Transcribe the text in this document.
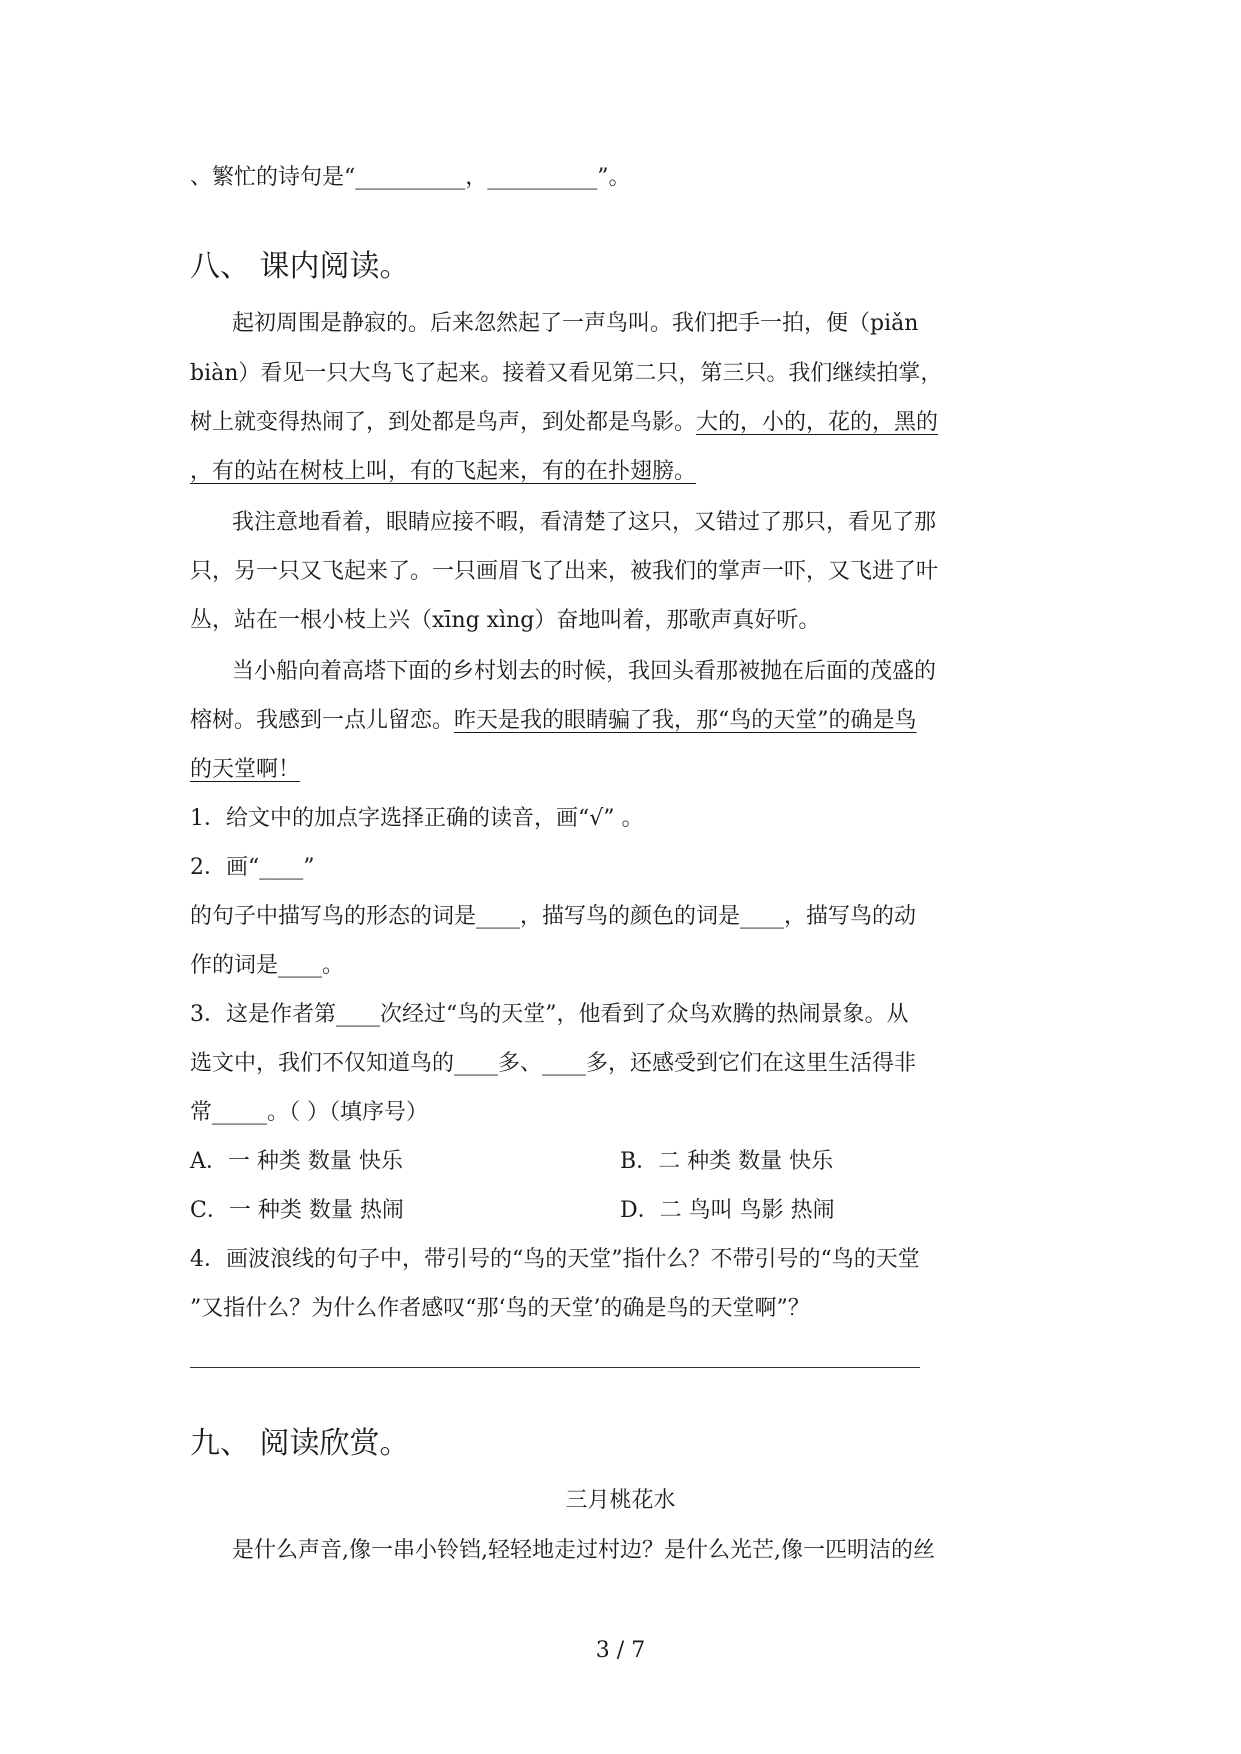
、繁忙的诗句是“__________，__________”。
八、 课内阅读。
起初周围是静寂的。后来忽然起了一声鸟叫。我们把手一拍，便（piǎn
biàn）看见一只大鸟飞了起来。接着又看见第二只，第三只。我们继续拍掌，
树上就变得热闹了，到处都是鸟声，到处都是鸟影。大的，小的，花的，黑的
，有的站在树枝上叫，有的飞起来，有的在扑翅膀。
我注意地看着，眼睛应接不暇，看清楚了这只，又错过了那只，看见了那
只，另一只又飞起来了。一只画眉飞了出来，被我们的掌声一吓，又飞进了叶
丛，站在一根小枝上兴（xīng xìng）奋地叫着，那歌声真好听。
当小船向着高塔下面的乡村划去的时候，我回头看那被抛在后面的茂盛的
榕树。我感到一点儿留恋。昨天是我的眼睛骗了我，那“鸟的天堂”的确是鸟
的天堂啊！
1．给文中的加点字选择正确的读音，画“√” 。
2．画“____”
的句子中描写鸟的形态的词是____，描写鸟的颜色的词是____，描写鸟的动
作的词是____。
3．这是作者第____次经过“鸟的天堂”，他看到了众鸟欢腾的热闹景象。从
选文中，我们不仅知道鸟的____多、____多，还感受到它们在这里生活得非
常_____。（ ）（填序号）
A．一 种类 数量 快乐	B．二 种类 数量 快乐
C．一 种类 数量 热闹	D．二 鸟叫 鸟影 热闹
4．画波浪线的句子中，带引号的“鸟的天堂”指什么？不带引号的“鸟的天堂
”又指什么？为什么作者感叹“那‘鸟的天堂’的确是鸟的天堂啊”？
九、 阅读欣赏。
三月桃花水
是什么声音,像一串小铃铛,轻轻地走过村边？是什么光芒,像一匹明洁的丝
3 / 7
